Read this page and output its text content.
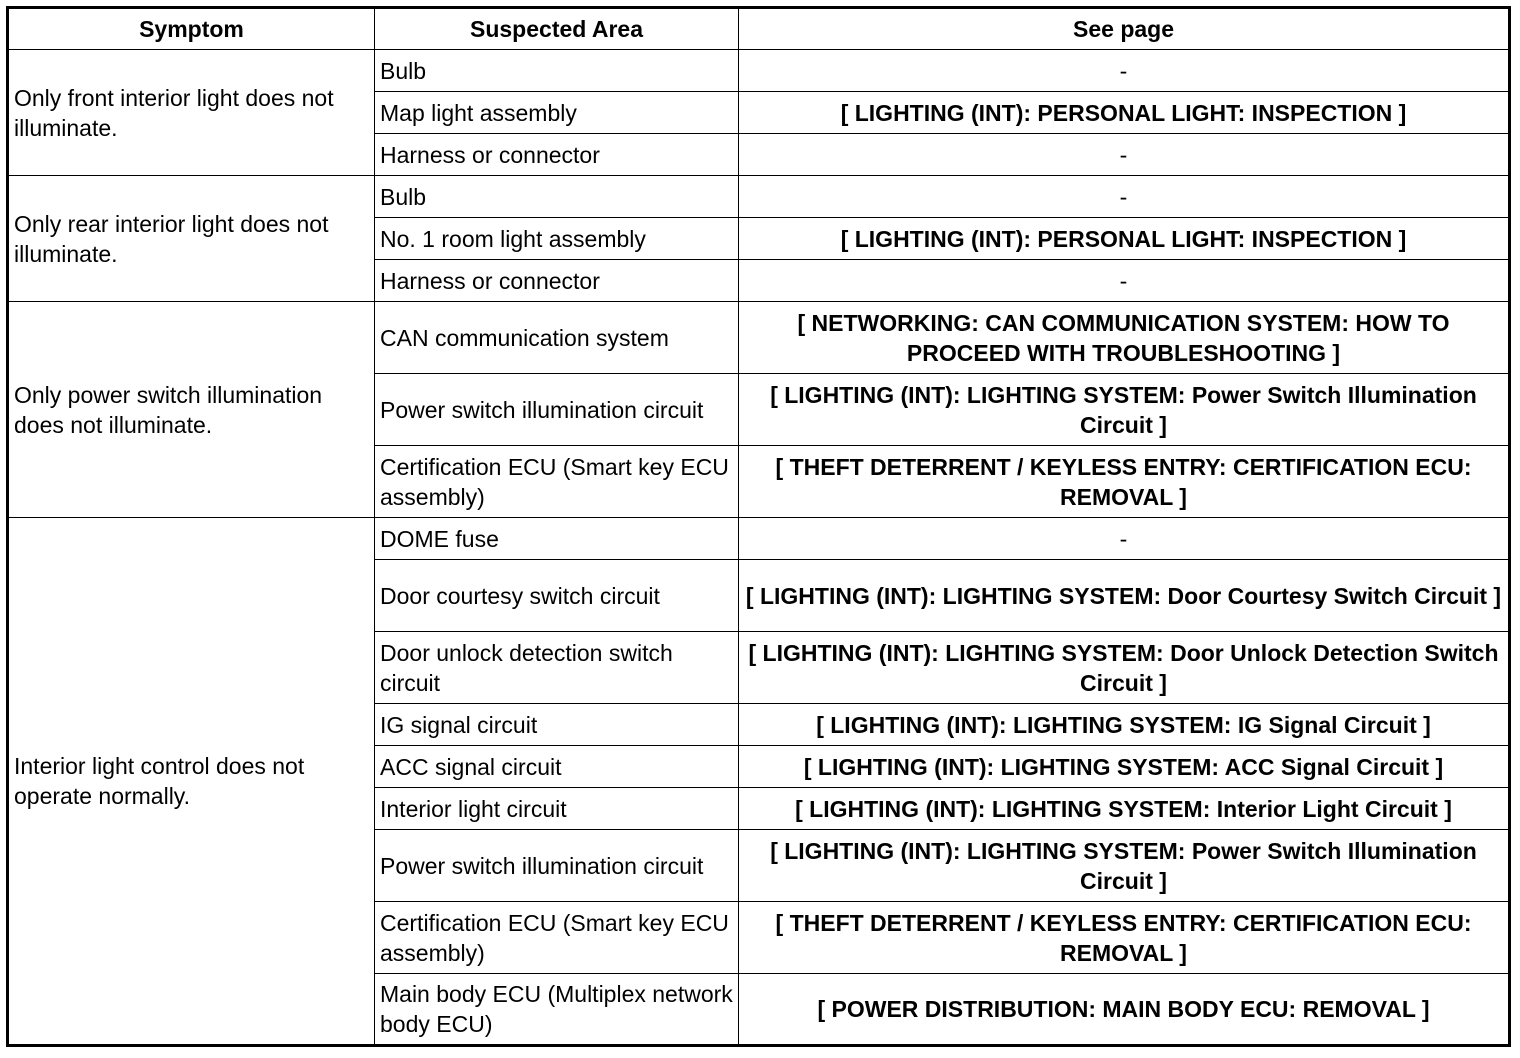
Symptom	Suspected Area	See page
Only front interior light does not illuminate.	Bulb	-
	Map light assembly	[ LIGHTING (INT): PERSONAL LIGHT: INSPECTION ]
	Harness or connector	-
Only rear interior light does not illuminate.	Bulb	-
	No. 1 room light assembly	[ LIGHTING (INT): PERSONAL LIGHT: INSPECTION ]
	Harness or connector	-
Only power switch illumination does not illuminate.	CAN communication system	[ NETWORKING: CAN COMMUNICATION SYSTEM: HOW TO PROCEED WITH TROUBLESHOOTING ]
	Power switch illumination circuit	[ LIGHTING (INT): LIGHTING SYSTEM: Power Switch Illumination Circuit ]
	Certification ECU (Smart key ECU assembly)	[ THEFT DETERRENT / KEYLESS ENTRY: CERTIFICATION ECU: REMOVAL ]
Interior light control does not operate normally.	DOME fuse	-
	Door courtesy switch circuit	[ LIGHTING (INT): LIGHTING SYSTEM: Door Courtesy Switch Circuit ]
	Door unlock detection switch circuit	[ LIGHTING (INT): LIGHTING SYSTEM: Door Unlock Detection Switch Circuit ]
	IG signal circuit	[ LIGHTING (INT): LIGHTING SYSTEM: IG Signal Circuit ]
	ACC signal circuit	[ LIGHTING (INT): LIGHTING SYSTEM: ACC Signal Circuit ]
	Interior light circuit	[ LIGHTING (INT): LIGHTING SYSTEM: Interior Light Circuit ]
	Power switch illumination circuit	[ LIGHTING (INT): LIGHTING SYSTEM: Power Switch Illumination Circuit ]
	Certification ECU (Smart key ECU assembly)	[ THEFT DETERRENT / KEYLESS ENTRY: CERTIFICATION ECU: REMOVAL ]
	Main body ECU (Multiplex network body ECU)	[ POWER DISTRIBUTION: MAIN BODY ECU: REMOVAL ]
